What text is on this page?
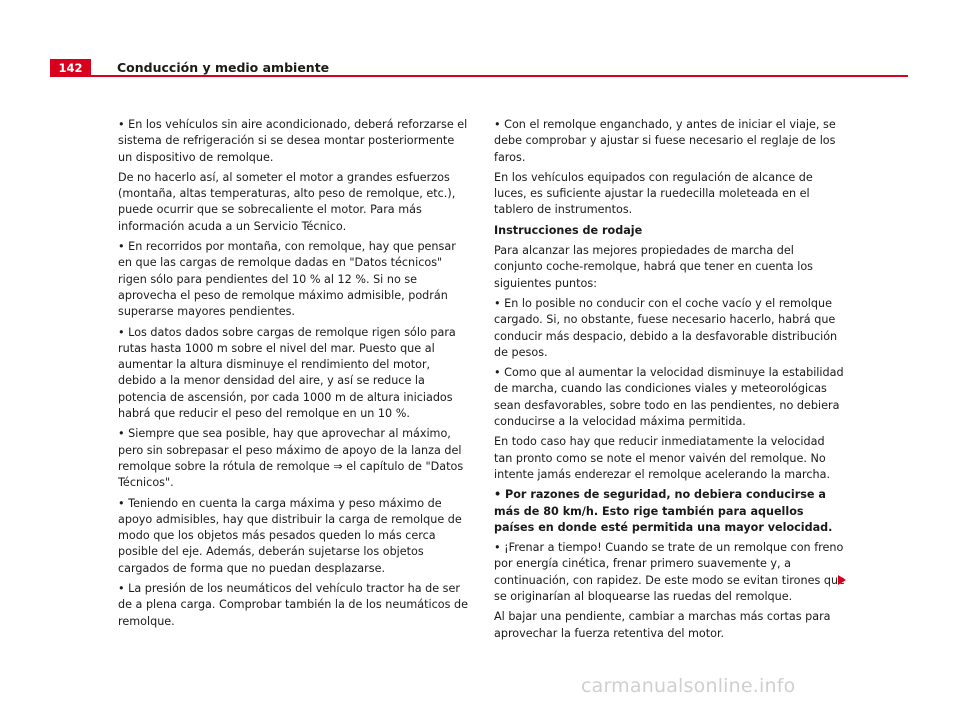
142	Conducción y medio ambiente

• En los vehículos sin aire acondicionado, deberá reforzarse el sistema de refrigeración si se desea montar posteriormente un dispositivo de remolque.

De no hacerlo así, al someter el motor a grandes esfuerzos (montaña, altas temperaturas, alto peso de remolque, etc.), puede ocurrir que se sobrecaliente el motor. Para más información acuda a un Servicio Técnico.

• En recorridos por montaña, con remolque, hay que pensar en que las cargas de remolque dadas en "Datos técnicos" rigen sólo para pendientes del 10 % al 12 %. Si no se aprovecha el peso de remolque máximo admisible, podrán superarse mayores pendientes.

• Los datos dados sobre cargas de remolque rigen sólo para rutas hasta 1000 m sobre el nivel del mar. Puesto que al aumentar la altura disminuye el rendimiento del motor, debido a la menor densidad del aire, y así se reduce la potencia de ascensión, por cada 1000 m de altura iniciados habrá que reducir el peso del remolque en un 10 %.

• Siempre que sea posible, hay que aprovechar al máximo, pero sin sobrepasar el peso máximo de apoyo de la lanza del remolque sobre la rótula de remolque ⇒ el capítulo de "Datos Técnicos".

• Teniendo en cuenta la carga máxima y peso máximo de apoyo admisibles, hay que distribuir la carga de remolque de modo que los objetos más pesados queden lo más cerca posible del eje. Además, deberán sujetarse los objetos cargados de forma que no puedan desplazarse.

• La presión de los neumáticos del vehículo tractor ha de ser de a plena carga. Comprobar también la de los neumáticos de remolque.

• Con el remolque enganchado, y antes de iniciar el viaje, se debe comprobar y ajustar si fuese necesario el reglaje de los faros.

En los vehículos equipados con regulación de alcance de luces, es suficiente ajustar la ruedecilla moleteada en el tablero de instrumentos.

Instrucciones de rodaje

Para alcanzar las mejores propiedades de marcha del conjunto coche-remolque, habrá que tener en cuenta los siguientes puntos:

• En lo posible no conducir con el coche vacío y el remolque cargado. Si, no obstante, fuese necesario hacerlo, habrá que conducir más despacio, debido a la desfavorable distribución de pesos.

• Como que al aumentar la velocidad disminuye la estabilidad de marcha, cuando las condiciones viales y meteorológicas sean desfavorables, sobre todo en las pendientes, no debiera conducirse a la velocidad máxima permitida.

En todo caso hay que reducir inmediatamente la velocidad tan pronto como se note el menor vaivén del remolque. No intente jamás enderezar el remolque acelerando la marcha.

• Por razones de seguridad, no debiera conducirse a más de 80 km/h. Esto rige también para aquellos países en donde esté permitida una mayor velocidad.

• ¡Frenar a tiempo! Cuando se trate de un remolque con freno por energía cinética, frenar primero suavemente y, a continuación, con rapidez. De este modo se evitan tirones que se originarían al bloquearse las ruedas del remolque.

Al bajar una pendiente, cambiar a marchas más cortas para aprovechar la fuerza retentiva del motor.

carmanualsonline.info
